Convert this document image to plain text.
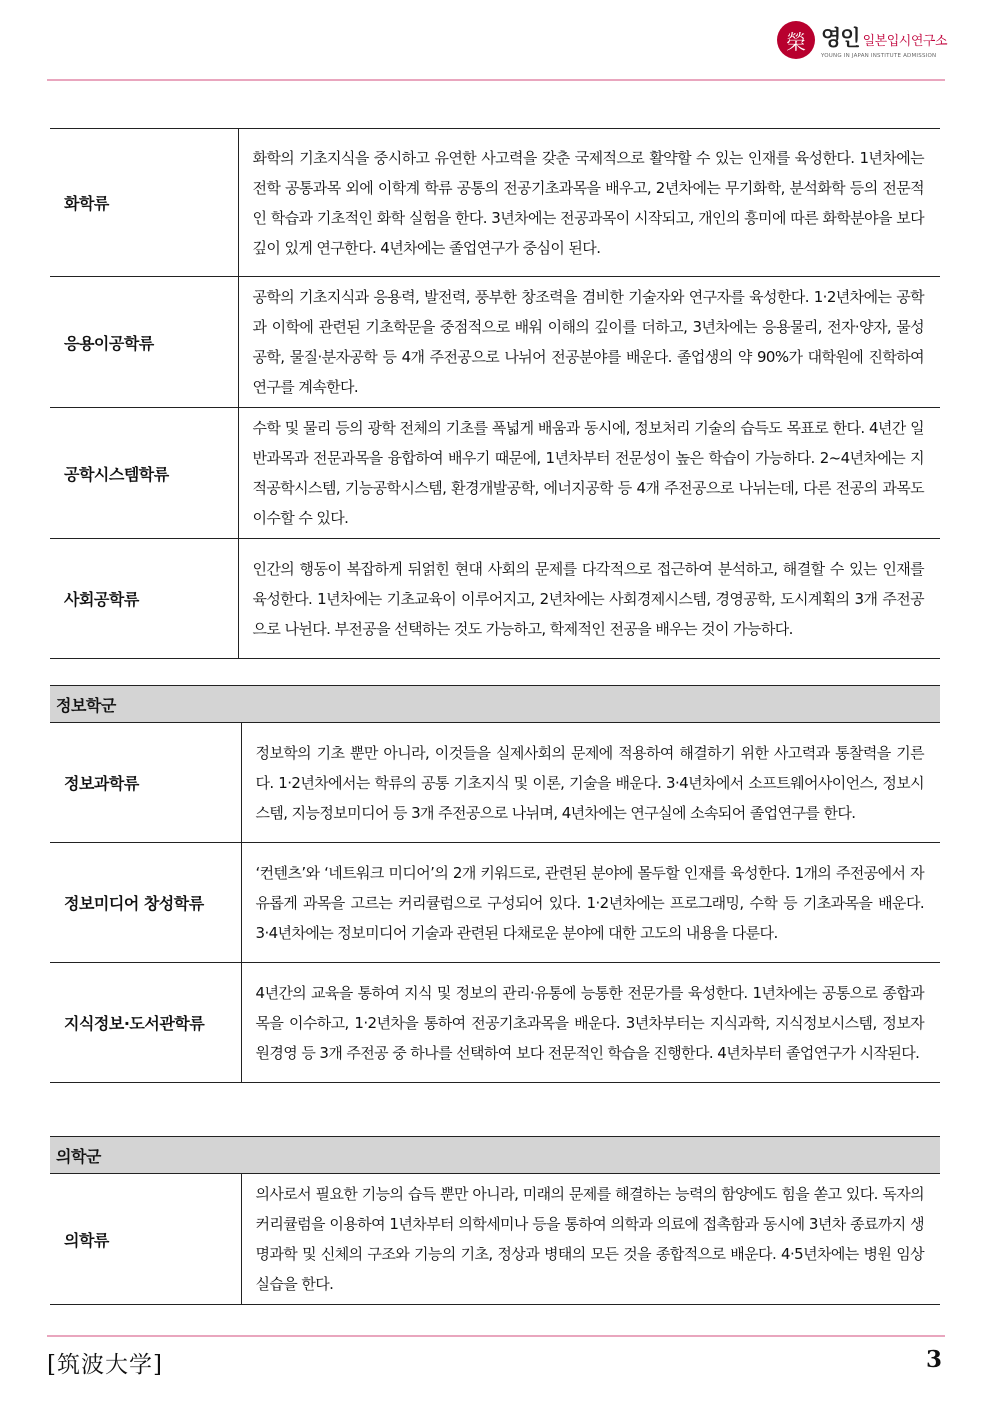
榮 영인 일본입시연구소
YOUNG IN JAPAN INSTITUTE ADMISSION
화학류	화학의 기초지식을 중시하고 유연한 사고력을 갖춘 국제적으로 활약할 수 있는 인재를 육성한다. 1년차에는 전학 공통과목 외에 이학계 학류 공통의 전공기초과목을 배우고, 2년차에는 무기화학, 분석화학 등의 전문적인 학습과 기초적인 화학 실험을 한다. 3년차에는 전공과목이 시작되고, 개인의 흥미에 따른 화학분야을 보다 깊이 있게 연구한다. 4년차에는 졸업연구가 중심이 된다.
응용이공학류	공학의 기초지식과 응용력, 발전력, 풍부한 창조력을 겸비한 기술자와 연구자를 육성한다. 1·2년차에는 공학과 이학에 관련된 기초학문을 중점적으로 배워 이해의 깊이를 더하고, 3년차에는 응용물리, 전자·양자, 물성공학, 물질·분자공학 등 4개 주전공으로 나뉘어 전공분야를 배운다. 졸업생의 약 90%가 대학원에 진학하여 연구를 계속한다.
공학시스템학류	수학 및 물리 등의 광학 전체의 기초를 폭넓게 배움과 동시에, 정보처리 기술의 습득도 목표로 한다. 4년간 일반과목과 전문과목을 융합하여 배우기 때문에, 1년차부터 전문성이 높은 학습이 가능하다. 2~4년차에는 지적공학시스템, 기능공학시스템, 환경개발공학, 에너지공학 등 4개 주전공으로 나뉘는데, 다른 전공의 과목도 이수할 수 있다.
사회공학류	인간의 행동이 복잡하게 뒤얽힌 현대 사회의 문제를 다각적으로 접근하여 분석하고, 해결할 수 있는 인재를 육성한다. 1년차에는 기초교육이 이루어지고, 2년차에는 사회경제시스템, 경영공학, 도시계획의 3개 주전공으로 나뉜다. 부전공을 선택하는 것도 가능하고, 학제적인 전공을 배우는 것이 가능하다.
정보학군	
정보과학류	정보학의 기초 뿐만 아니라, 이것들을 실제사회의 문제에 적용하여 해결하기 위한 사고력과 통찰력을 기른다. 1·2년차에서는 학류의 공통 기초지식 및 이론, 기술을 배운다. 3·4년차에서 소프트웨어사이언스, 정보시스템, 지능정보미디어 등 3개 주전공으로 나뉘며, 4년차에는 연구실에 소속되어 졸업연구를 한다.
정보미디어 창성학류	‘컨텐츠’와 ‘네트워크 미디어’의 2개 키워드로, 관련된 분야에 몰두할 인재를 육성한다. 1개의 주전공에서 자유롭게 과목을 고르는 커리큘럼으로 구성되어 있다. 1·2년차에는 프로그래밍, 수학 등 기초과목을 배운다. 3·4년차에는 정보미디어 기술과 관련된 다채로운 분야에 대한 고도의 내용을 다룬다.
지식정보·도서관학류	4년간의 교육을 통하여 지식 및 정보의 관리·유통에 능통한 전문가를 육성한다. 1년차에는 공통으로 종합과목을 이수하고, 1·2년차을 통하여 전공기초과목을 배운다. 3년차부터는 지식과학, 지식정보시스템, 정보자원경영 등 3개 주전공 중 하나를 선택하여 보다 전문적인 학습을 진행한다. 4년차부터 졸업연구가 시작된다.
의학군
의학류	의사로서 필요한 기능의 습득 뿐만 아니라, 미래의 문제를 해결하는 능력의 함양에도 힘을 쏟고 있다. 독자의 커리큘럼을 이용하여 1년차부터 의학세미나 등을 통하여 의학과 의료에 접촉함과 동시에 3년차 종료까지 생명과학 및 신체의 구조와 기능의 기초, 정상과 병태의 모든 것을 종합적으로 배운다. 4·5년차에는 병원 임상실습을 한다.
[筑波大学]	3
